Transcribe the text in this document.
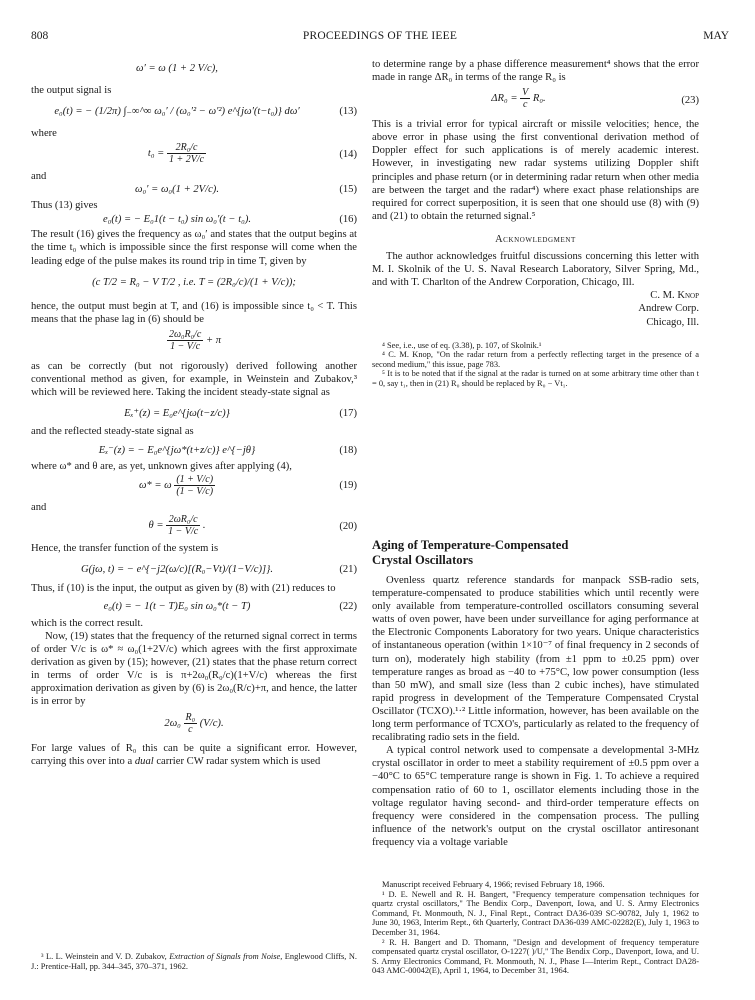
808	PROCEEDINGS OF THE IEEE	MAY
ω′ = ω (1 + 2 V/c),

the output signal is

e₀(t) = − (1/2π) ∫₋∞^∞ ω₀′ / (ω₀′² − ω′²) e^{jω′(t−t₀)} dω′	(13)

where

$t_0 = \frac{\text{2R₀/c}}{1 + 2V/c}$	(14)

and

ω₀′ = ω₀(1 + 2V/c).	(15)

Thus (13) gives

e₀(t) = − E₀1(t − t₀) sin ω₀′(t − t₀).	(16)

The result (16) gives the frequency as ω₀′ and states that the output begins at the time t₀ which is impossible since the first response will come when the leading edge of the pulse makes its round trip in time T, given by

(c T/2 = R₀ − V T/2 , i.e. T = (2R₀/c)/(1 + V/c));

hence, the output must begin at T, and (16) is impossible since t₀ < T. This means that the phase lag in (6) should be

$\frac{\text{2ω₀R₀/c}}{1 - V/c} + \pi$

as can be correctly (but not rigorously) derived following another conventional method as given, for example, in Weinstein and Zubakov,³ which will be reviewed here. Taking the incident steady-state signal as

Eₓ⁺(z) = E₀e^{jω(t−z/c)}	(17)

and the reflected steady-state signal as

Eₓ⁻(z) = − E₀e^{jω*(t+z/c)} e^{−jθ}	(18)

where ω* and θ are, as yet, unknown gives after applying (4),

ω* = ω $\frac{(1 + V/c)}{(1 - V/c)}$	(19)

and

$\theta = \frac{\text{2ωR₀/c}}{1 - V/c}$ .	(20)

Hence, the transfer function of the system is

G(jω, t) = − e^{−j2(ω/c)[(R₀−Vt)/(1−V/c)]}.	(21)

Thus, if (10) is the input, the output as given by (8) with (21) reduces to

e₀(t) = − 1(t − T)E₀ sin ω₀*(t − T)	(22)

which is the correct result.

Now, (19) states that the frequency of the returned signal correct in terms of order V/c is ω* ≈ ω₀(1+2V/c) which agrees with the first approximate derivation as given by (15); however, (21) states that the phase return correct in terms of order V/c is is π+2ω₀(R₀/c)(1+V/c) whereas the first approximation derivation as given by (6) is 2ω₀(R/c)+π, and hence, the latter is in error by

$2\omega_0 \frac{\text{R₀}}{c} (V/c)$.

For large values of R₀ this can be quite a significant error. However, carrying this over into a dual carrier CW radar system which is used

³ L. L. Weinstein and V. D. Zubakov, Extraction of Signals from Noise, Englewood Cliffs, N. J.: Prentice-Hall, pp. 344–345, 370–371, 1962.

to determine range by a phase difference measurement⁴ shows that the error made in range ΔR₀ in terms of the range R₀ is

$\Delta R_0 = \frac{V}{c} R_0$.	(23)

This is a trivial error for typical aircraft or missile velocities; hence, the above error in phase using the first conventional derivation method of Doppler effect for such applications is of merely academic interest. However, in investigating new radar systems utilizing Doppler shift principles and phase return (or in determining radar return when other media are between the target and the radar⁴) where exact phase relationships are required for correct superposition, it is seen that one should use (8) with (9) and (21) to obtain the returned signal.⁵

Acknowledgment

The author acknowledges fruitful discussions concerning this letter with M. I. Skolnik of the U. S. Naval Research Laboratory, Silver Spring, Md., and with T. Charlton of the Andrew Corporation, Chicago, Ill.

C. M. Knop
Andrew Corp.
Chicago, Ill.
⁴ See, i.e., use of eq. (3.38), p. 107, of Skolnik.¹
⁴ C. M. Knop, "On the radar return from a perfectly reflecting target in the presence of a second medium," this issue, page 783.
⁵ It is to be noted that if the signal at the radar is turned on at some arbitrary time other than t = 0, say t₁, then in (21) R₀ should be replaced by R₀ − Vt₁.

Aging of Temperature-Compensated

Crystal Oscillators

Ovenless quartz reference standards for manpack SSB-radio sets, temperature-compensated to produce stabilities which until recently were only available from temperature-controlled oscillators consuming several watts of oven power, have been under surveillance for aging performance at the Electronic Components Laboratory for two years. Unique characteristics of instantaneous operation (within 1×10⁻⁷ of final frequency in 2 seconds of turn on), moderately high stability (from ±1 ppm to ±0.25 ppm) over temperature ranges as broad as −40 to +75°C, low power consumption (less than 50 mW), and small size (less than 2 cubic inches), have stimulated rapid progress in development of the Temperature Compensated Crystal Oscillator (TCXO).¹·² Little information, however, has been available on the long term performance of TCXO's, particularly as related to the frequency of recalibrating radio sets in the field.

A typical control network used to compensate a developmental 3-MHz crystal oscillator in order to meet a stability requirement of ±0.5 ppm over a −40°C to 65°C temperature range is shown in Fig. 1. To achieve a required compensation ratio of 60 to 1, oscillator elements including those in the voltage regulator having second- and third-order temperature effects on frequency were considered in the compensation process. The pulling influence of the network's output on the crystal oscillator antiresonant frequency via a voltage variable

Manuscript received February 4, 1966; revised February 18, 1966.
¹ D. E. Newell and R. H. Bangert, "Frequency temperature compensation techniques for quartz crystal oscillators," The Bendix Corp., Davenport, Iowa, and U. S. Army Electronics Command, Ft. Monmouth, N. J., Final Rept., Contract DA36-039 SC-90782, July 1, 1962 to June 30, 1963, Interim Rept., 6th Quarterly, Contract DA36-039 AMC-02282(E), July 1, 1963 to December 31, 1964.
² R. H. Bangert and D. Thomann, "Design and development of frequency temperature compensated quartz crystal oscillator, O-1227( )/U," The Bendix Corp., Davenport, Iowa, and U. S. Army Electronics Command, Ft. Monmouth, N. J., Phase I—Interim Rept., Contract DA28-043 AMC-00042(E), April 1, 1964, to December 31, 1964.
